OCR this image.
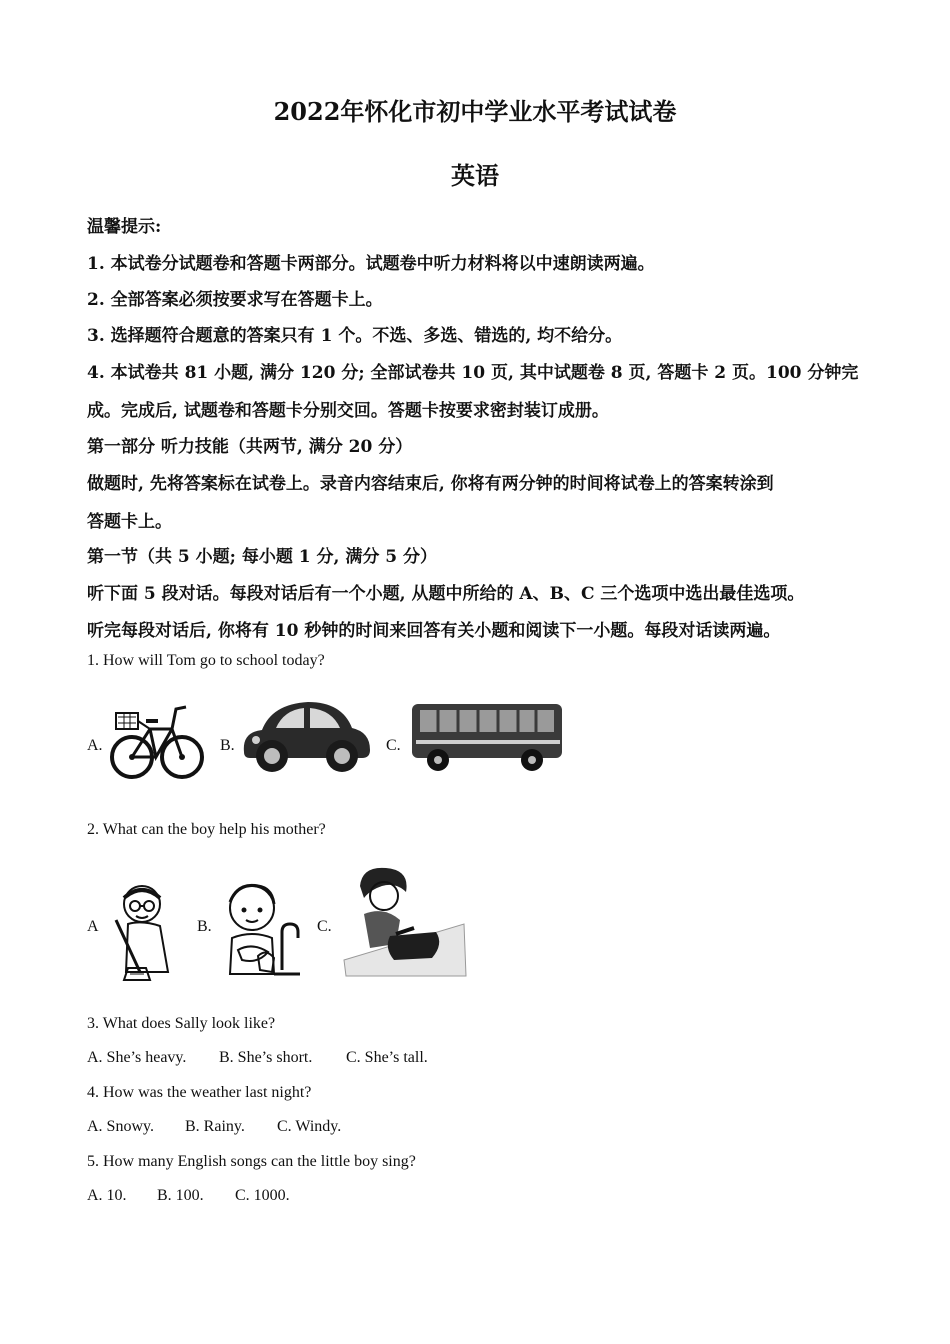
2022年怀化市初中学业水平考试试卷
英语
温馨提示:
1. 本试卷分试题卷和答题卡两部分。试题卷中听力材料将以中速朗读两遍。
2. 全部答案必须按要求写在答题卡上。
3. 选择题符合题意的答案只有 1 个。不选、多选、错选的, 均不给分。
4. 本试卷共 81 小题, 满分 120 分; 全部试卷共 10 页, 其中试题卷 8 页, 答题卡 2 页。100 分钟完
成。完成后, 试题卷和答题卡分别交回。答题卡按要求密封装订成册。
第一部分 听力技能（共两节, 满分 20 分）
做题时, 先将答案标在试卷上。录音内容结束后, 你将有两分钟的时间将试卷上的答案转涂到
答题卡上。
第一节（共 5 小题; 每小题 1 分, 满分 5 分）
听下面 5 段对话。每段对话后有一个小题, 从题中所给的 A、B、C 三个选项中选出最佳选项。
听完每段对话后, 你将有 10 秒钟的时间来回答有关小题和阅读下一小题。每段对话读两遍。
1. How will Tom go to school today?
A.	B.	C.
2. What can the boy help his mother?
A	B.	C.
3. What does Sally look like?
A. She’s heavy. B. She’s short. C. She’s tall.
4. How was the weather last night?
A. Snowy. B. Rainy. C. Windy.
5. How many English songs can the little boy sing?
A. 10. B. 100. C. 1000.
